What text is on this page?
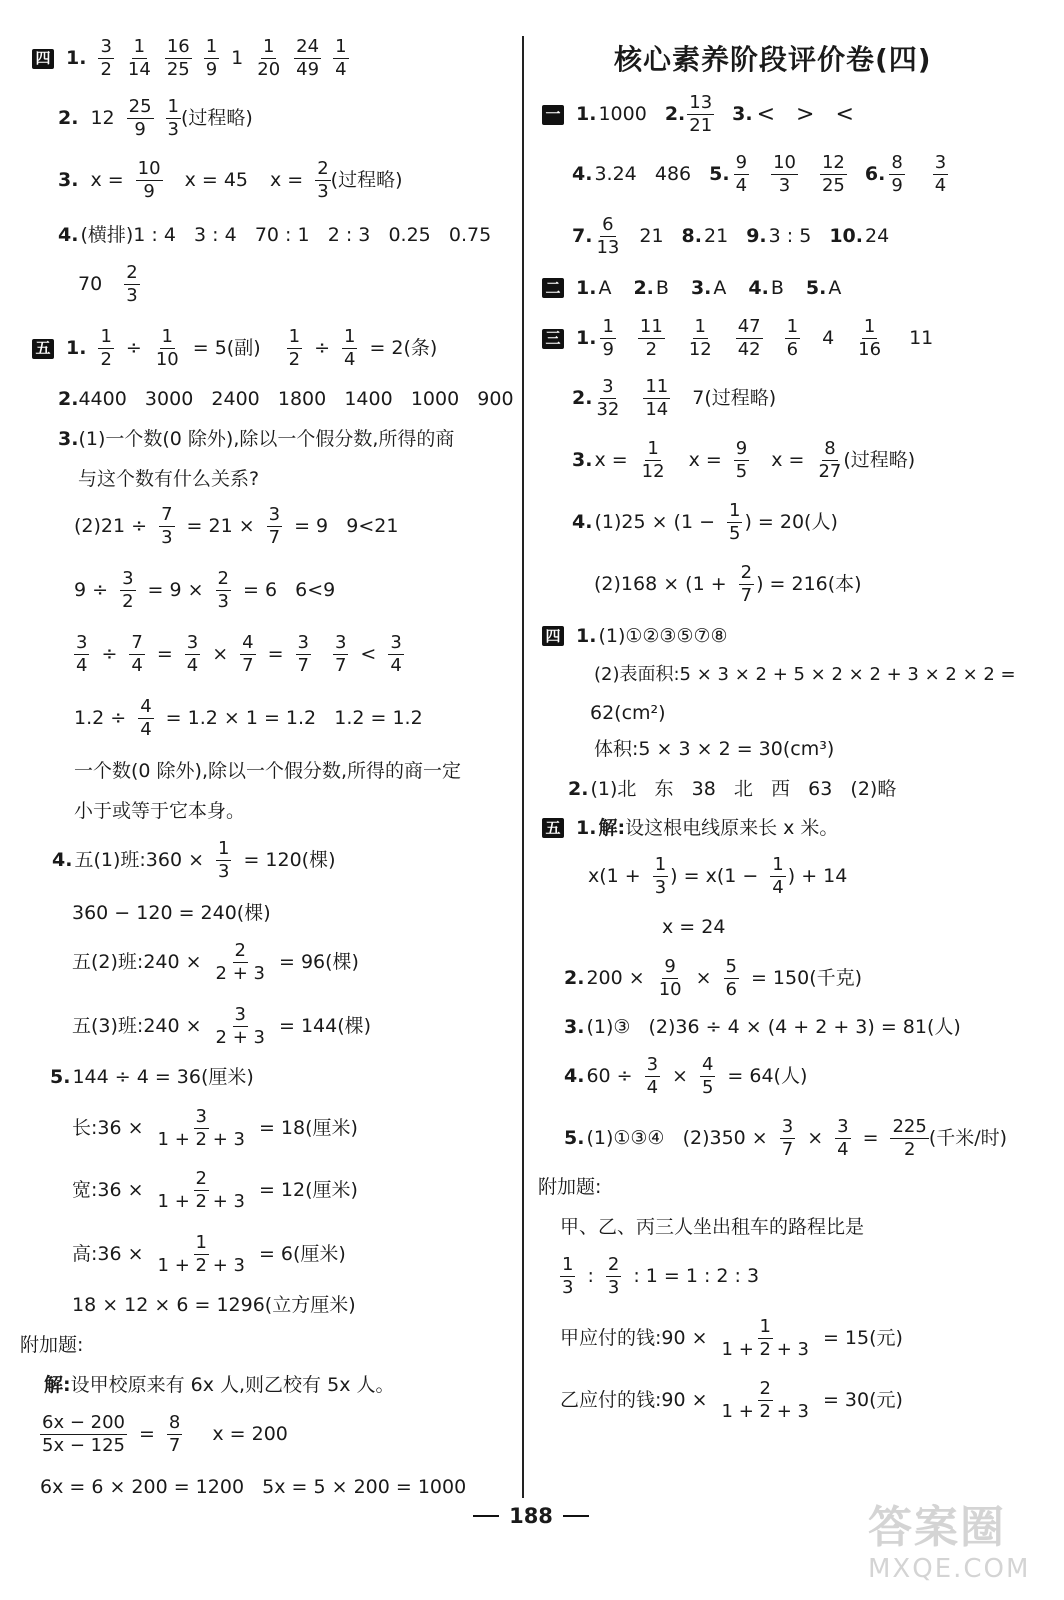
四 1. $\frac{3}{2} \frac{1}{14} \frac{16}{25} \frac{1}{9} 1 \frac{1}{20} \frac{24}{49} \frac{1}{4}$
2. $12 \frac{25}{9} \frac{1}{3}$ (过程略)
3. $x = \frac{10}{9}$ x = 45 $x = \frac{2}{3}$ (过程略)
4. (横排)1 : 4   3 : 4   70 : 1   2 : 3   0.25   0.75
$70 \frac{2}{3}$
五 1. $\frac{1}{2} \div \frac{1}{10} = 5$(副) $\frac{1}{2} \div \frac{1}{4} = 2$(条)
2. 4400   3000   2400   1800   1400   1000   900
3. (1)一个数(0 除外),除以一个假分数,所得的商
与这个数有什么关系?
$(2)21 \div \frac{7}{3} = 21 \times \frac{3}{7} = 9$   9<21
$9 \div \frac{3}{2} = 9 \times \frac{2}{3} = 6$   6<9
$\frac{3}{4} \div \frac{7}{4} = \frac{3}{4} \times \frac{4}{7} = \frac{3}{7} \frac{3}{7} < \frac{3}{4}$
$1.2 \div \frac{4}{4} = 1.2 \times 1 = 1.2$   1.2 = 1.2
一个数(0 除外),除以一个假分数,所得的商一定
小于或等于它本身。
4. 五(1)班:360 × $\frac{1}{3} = 120$(棵)
360 − 120 = 240(棵)
五(2)班:240 × $\frac{2}{2 + 3} = 96$(棵)
五(3)班:240 × $\frac{3}{2 + 3} = 144$(棵)
5. 144 ÷ 4 = 36(厘米)
长:36 × $\frac{3}{1 + 2 + 3} = 18$(厘米)
宽:36 × $\frac{2}{1 + 2 + 3} = 12$(厘米)
高:36 × $\frac{1}{1 + 2 + 3} = 6$(厘米)
18 × 12 × 6 = 1296(立方厘米)
附加题:
解: 设甲校原来有 6x 人,则乙校有 5x 人。
$\frac{6x - 200}{5x - 125} = \frac{8}{7}$ x = 200
6x = 6 × 200 = 1200   5x = 5 × 200 = 1000
核心素养阶段评价卷(四)
一 1. 1000 2. $\frac{13}{21} 3$. <   >   <
4. 3.24   486 5. $\frac{9}{4} \frac{10}{3} \frac{12}{25} 6$. $\frac{8}{9} \frac{3}{4}$
7. $\frac{6}{13} 21$ 8. 21 9. 3 : 5 10. 24
二 1. A 2. B 3. A 4. B 5. A
三 1. $\frac{1}{9} \frac{11}{2} \frac{1}{12} \frac{47}{42} \frac{1}{6} 4 \frac{1}{16} 11$
2. $\frac{3}{32} \frac{11}{14} 7$(过程略)
3. $x = \frac{1}{12}$ $x = \frac{9}{5}$ $x = \frac{8}{27}$ (过程略)
4. $(1)25 \times (1 - \frac{1}{5}$ ) = 20(人)
$(2)168 \times (1 + \frac{2}{7}$ ) = 216(本)
四 1. (1)①②③⑤⑦⑧
(2)表面积:5 × 3 × 2 + 5 × 2 × 2 + 3 × 2 × 2 =
62(cm²)
体积:5 × 3 × 2 = 30(cm³)
2. (1)北   东   38   北   西   63   (2)略
五 1. 解: 设这根电线原来长 x 米。
$x(1 + \frac{1}{3}$ ) = $x(1 - \frac{1}{4}$ ) + 14
x = 24
2. $200 \times \frac{9}{10} \times \frac{5}{6} = 150$(千克)
3. (1)③   (2)36 ÷ 4 × (4 + 2 + 3) = 81(人)
4. $60 \div \frac{3}{4} \times \frac{4}{5} = 64$(人)
5. (1)①③④   $(2)350 \times \frac{3}{7} \times \frac{3}{4} = \frac{225}{2}$ (千米/时)
附加题:
甲、乙、丙三人坐出租车的路程比是
$\frac{1}{3}$ : $\frac{2}{3}$ : 1 = 1 : 2 : 3
甲应付的钱:90 × $\frac{1}{1 + 2 + 3} = 15$(元)
乙应付的钱:90 × $\frac{2}{1 + 2 + 3} = 30$(元)
188	答案圈
MXQE.COM
